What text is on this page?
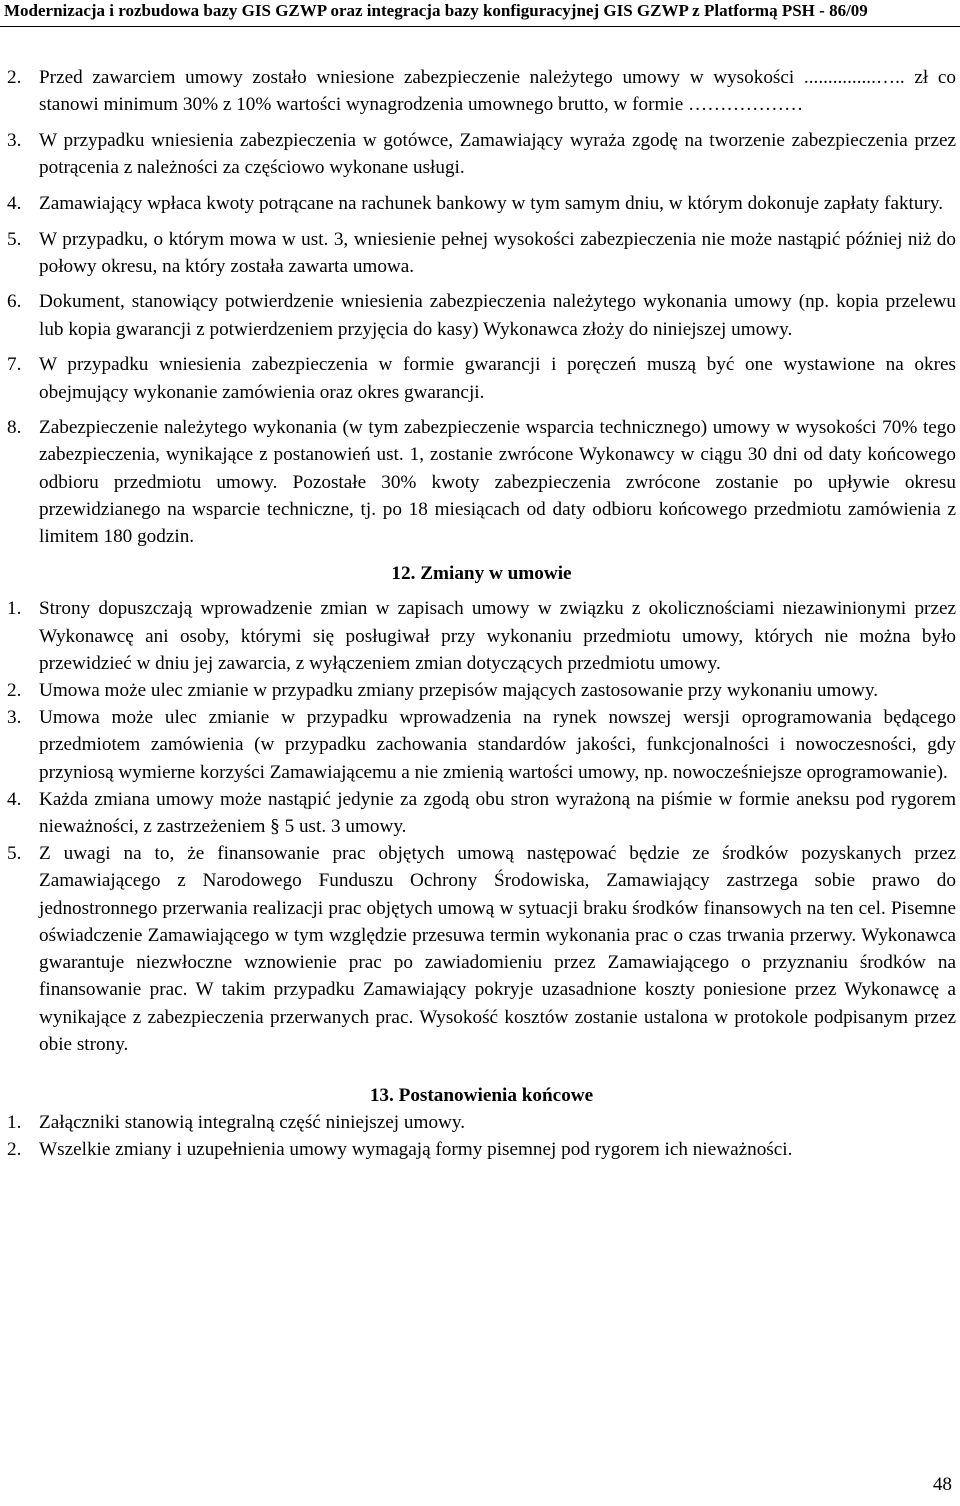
Modernizacja i rozbudowa bazy GIS GZWP oraz integracja bazy konfiguracyjnej GIS GZWP z Platformą PSH - 86/09
2. Przed zawarciem umowy zostało wniesione zabezpieczenie należytego umowy w wysokości ...............….. zł co stanowi minimum 30% z 10% wartości wynagrodzenia umownego brutto, w formie ………………
3. W przypadku wniesienia zabezpieczenia w gotówce, Zamawiający wyraża zgodę na tworzenie zabezpieczenia przez potrącenia z należności za częściowo wykonane usługi.
4. Zamawiający wpłaca kwoty potrącane na rachunek bankowy w tym samym dniu, w którym dokonuje zapłaty faktury.
5. W przypadku, o którym mowa w ust. 3, wniesienie pełnej wysokości zabezpieczenia nie może nastąpić później niż do połowy okresu, na który została zawarta umowa.
6. Dokument, stanowiący potwierdzenie wniesienia zabezpieczenia należytego wykonania umowy (np. kopia przelewu lub kopia gwarancji z potwierdzeniem przyjęcia do kasy) Wykonawca złoży do niniejszej umowy.
7. W przypadku wniesienia zabezpieczenia w formie gwarancji i poręczeń muszą być one wystawione na okres obejmujący wykonanie zamówienia oraz okres gwarancji.
8. Zabezpieczenie należytego wykonania (w tym zabezpieczenie wsparcia technicznego) umowy w wysokości 70% tego zabezpieczenia, wynikające z postanowień ust. 1, zostanie zwrócone Wykonawcy w ciągu 30 dni od daty końcowego odbioru przedmiotu umowy. Pozostałe 30% kwoty zabezpieczenia zwrócone zostanie po upływie okresu przewidzianego na wsparcie techniczne, tj. po 18 miesiącach od daty odbioru końcowego przedmiotu zamówienia z limitem 180 godzin.
12. Zmiany w umowie
1. Strony dopuszczają wprowadzenie zmian w zapisach umowy w związku z okolicznościami niezawinionymi przez Wykonawcę ani osoby, którymi się posługiwał przy wykonaniu przedmiotu umowy, których nie można było przewidzieć w dniu jej zawarcia, z wyłączeniem zmian dotyczących przedmiotu umowy.
2. Umowa może ulec zmianie w przypadku zmiany przepisów mających zastosowanie przy wykonaniu umowy.
3. Umowa może ulec zmianie w przypadku wprowadzenia na rynek nowszej wersji oprogramowania będącego przedmiotem zamówienia (w przypadku zachowania standardów jakości, funkcjonalności i nowoczesności, gdy przyniosą wymierne korzyści Zamawiającemu a nie zmienią wartości umowy, np. nowocześniejsze oprogramowanie).
4. Każda zmiana umowy może nastąpić jedynie za zgodą obu stron wyrażoną na piśmie w formie aneksu pod rygorem nieważności, z zastrzeżeniem § 5 ust. 3 umowy.
5. Z uwagi na to, że finansowanie prac objętych umową następować będzie ze środków pozyskanych przez Zamawiającego z Narodowego Funduszu Ochrony Środowiska, Zamawiający zastrzega sobie prawo do jednostronnego przerwania realizacji prac objętych umową w sytuacji braku środków finansowych na ten cel. Pisemne oświadczenie Zamawiającego w tym względzie przesuwa termin wykonania prac o czas trwania przerwy. Wykonawca gwarantuje niezwłoczne wznowienie prac po zawiadomieniu przez Zamawiającego o przyznaniu środków na finansowanie prac. W takim przypadku Zamawiający pokryje uzasadnione koszty poniesione przez Wykonawcę a wynikające z zabezpieczenia przerwanych prac. Wysokość kosztów zostanie ustalona w protokole podpisanym przez obie strony.
13. Postanowienia końcowe
1. Załączniki stanowią integralną część niniejszej umowy.
2. Wszelkie zmiany i uzupełnienia umowy wymagają formy pisemnej pod rygorem ich nieważności.
48
